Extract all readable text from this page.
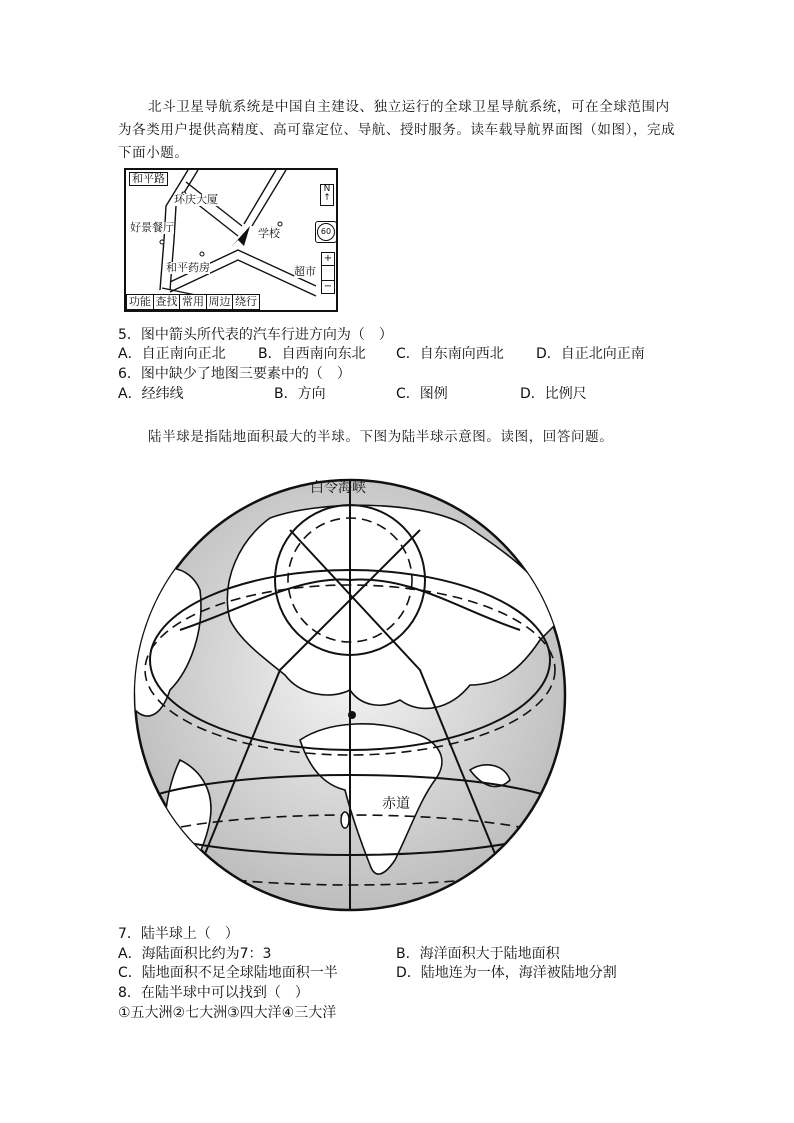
北斗卫星导航系统是中国自主建设、独立运行的全球卫星导航系统，可在全球范围内为各类用户提供高精度、高可靠定位、导航、授时服务。读车载导航界面图（如图），完成下面小题。
和平路
环庆大厦
好景餐厅	学校
和平药房	超市
N
↑
60
+
−
功能 查找 常用 周边 绕行
5．图中箭头所代表的汽车行进方向为（　）
A．自正南向正北 B．自西南向东北 C．自东南向西北 D．自正北向正南
6．图中缺少了地图三要素中的（　）
A．经纬线	B．方向	C．图例	D．比例尺
陆半球是指陆地面积最大的半球。下图为陆半球示意图。读图，回答问题。
白令海峡
赤道
7．陆半球上（　）
A．海陆面积比约为7：3	B．海洋面积大于陆地面积
C．陆地面积不足全球陆地面积一半	D．陆地连为一体，海洋被陆地分割
8．在陆半球中可以找到（　）
①五大洲②七大洲③四大洋④三大洋
